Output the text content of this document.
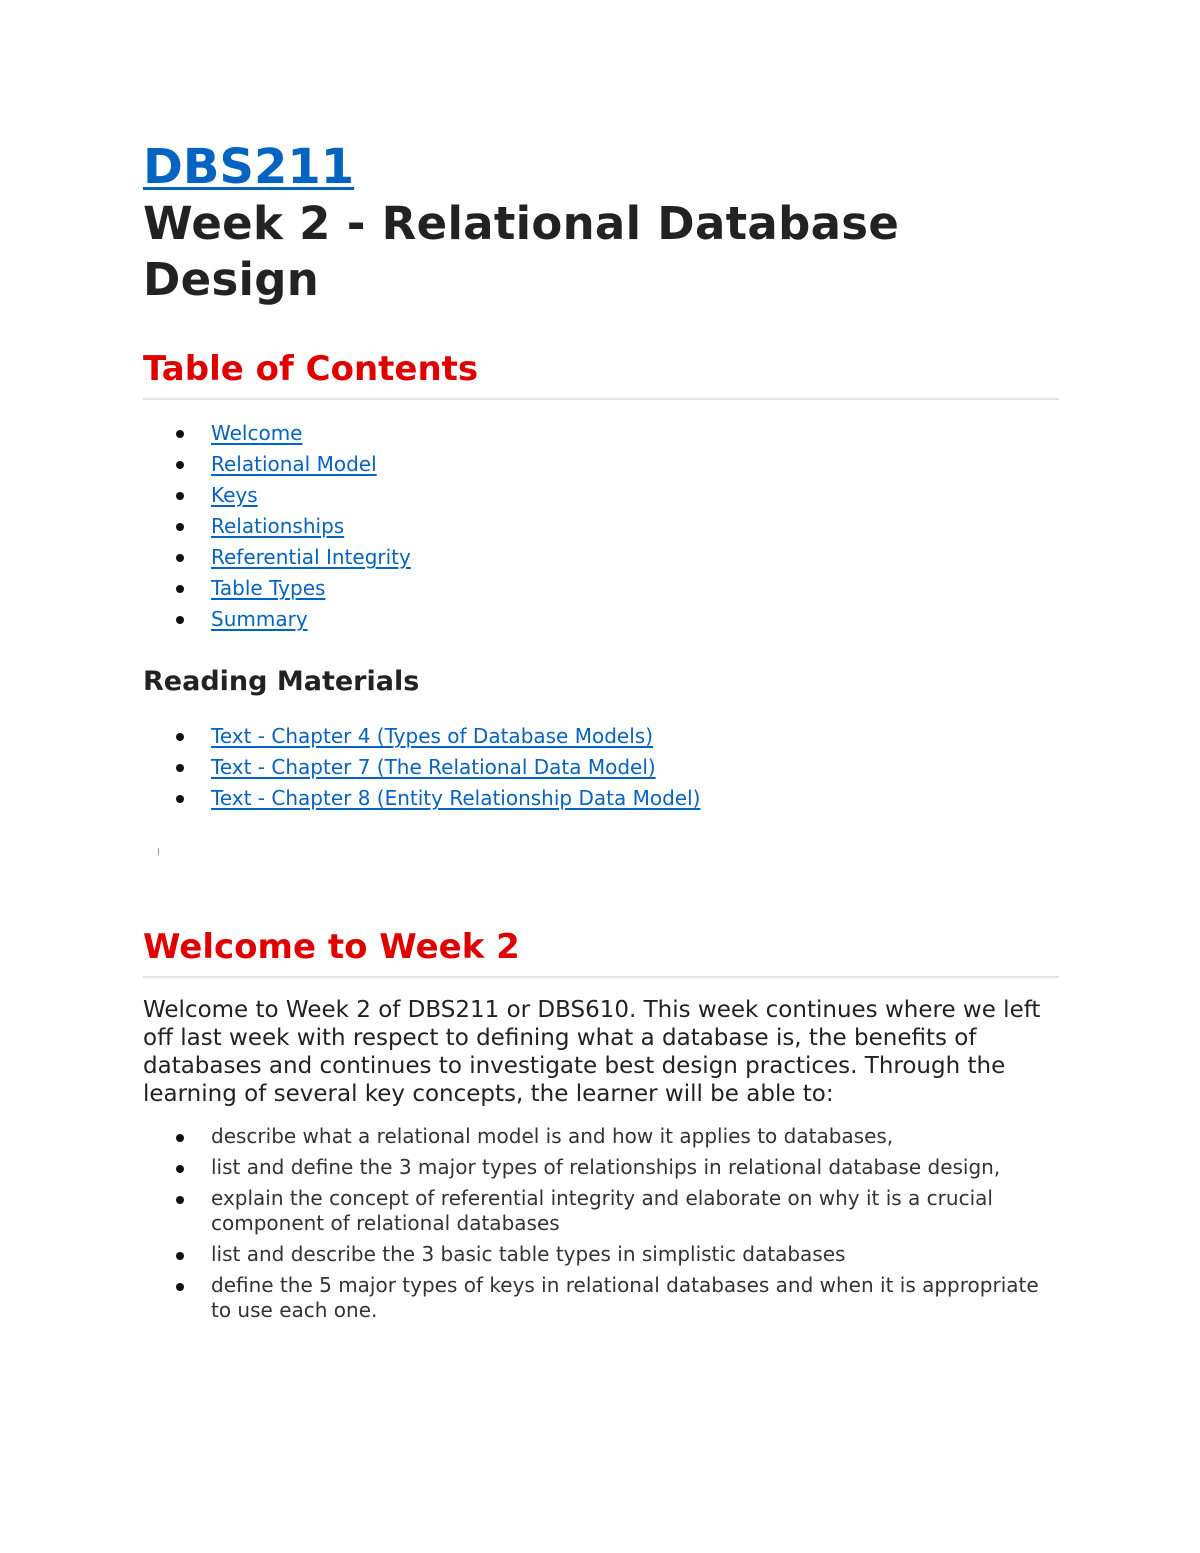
DBS211
Week 2 - Relational Database Design
Table of Contents
Welcome
Relational Model
Keys
Relationships
Referential Integrity
Table Types
Summary
Reading Materials
Text - Chapter 4 (Types of Database Models)
Text - Chapter 7 (The Relational Data Model)
Text - Chapter 8 (Entity Relationship Data Model)
Welcome to Week 2

Welcome to Week 2 of DBS211 or DBS610. This week continues where we left off last week with respect to defining what a database is, the benefits of databases and continues to investigate best design practices. Through the learning of several key concepts, the learner will be able to:

describe what a relational model is and how it applies to databases,
list and define the 3 major types of relationships in relational database design,
explain the concept of referential integrity and elaborate on why it is a crucial component of relational databases
list and describe the 3 basic table types in simplistic databases
define the 5 major types of keys in relational databases and when it is appropriate to use each one.
